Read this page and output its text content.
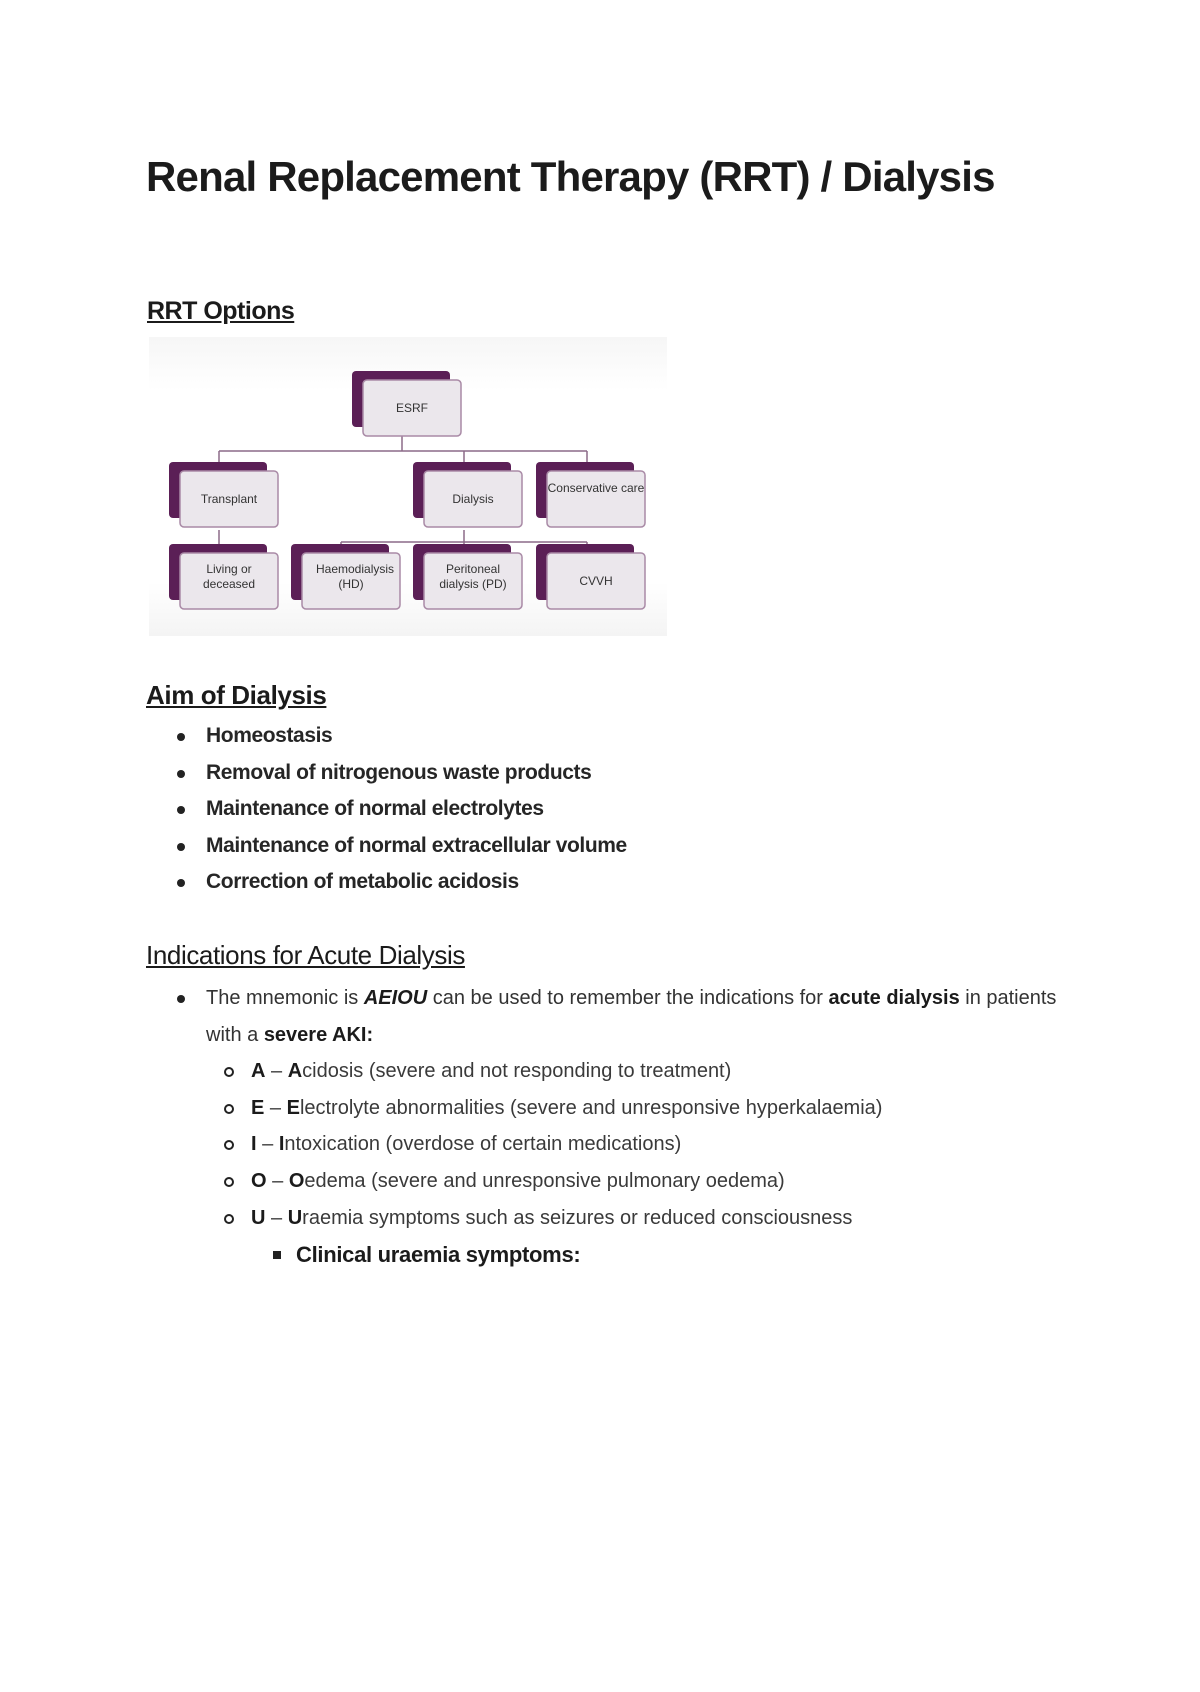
Renal Replacement Therapy (RRT) / Dialysis
RRT Options
ESRF
Transplant	Dialysis
Conservative care
Living or deceased
Haemodialysis (HD)
Peritoneal dialysis (PD)	CVVH
Aim of Dialysis
Homeostasis
Removal of nitrogenous waste products
Maintenance of normal electrolytes
Maintenance of normal extracellular volume
Correction of metabolic acidosis
Indications for Acute Dialysis
The mnemonic is AEIOU can be used to remember the indications for acute dialysis in patients with a severe AKI:
A – Acidosis (severe and not responding to treatment)
E – Electrolyte abnormalities (severe and unresponsive hyperkalaemia)
I – Intoxication (overdose of certain medications)
O – Oedema (severe and unresponsive pulmonary oedema)
U – Uraemia symptoms such as seizures or reduced consciousness
Clinical uraemia symptoms:
